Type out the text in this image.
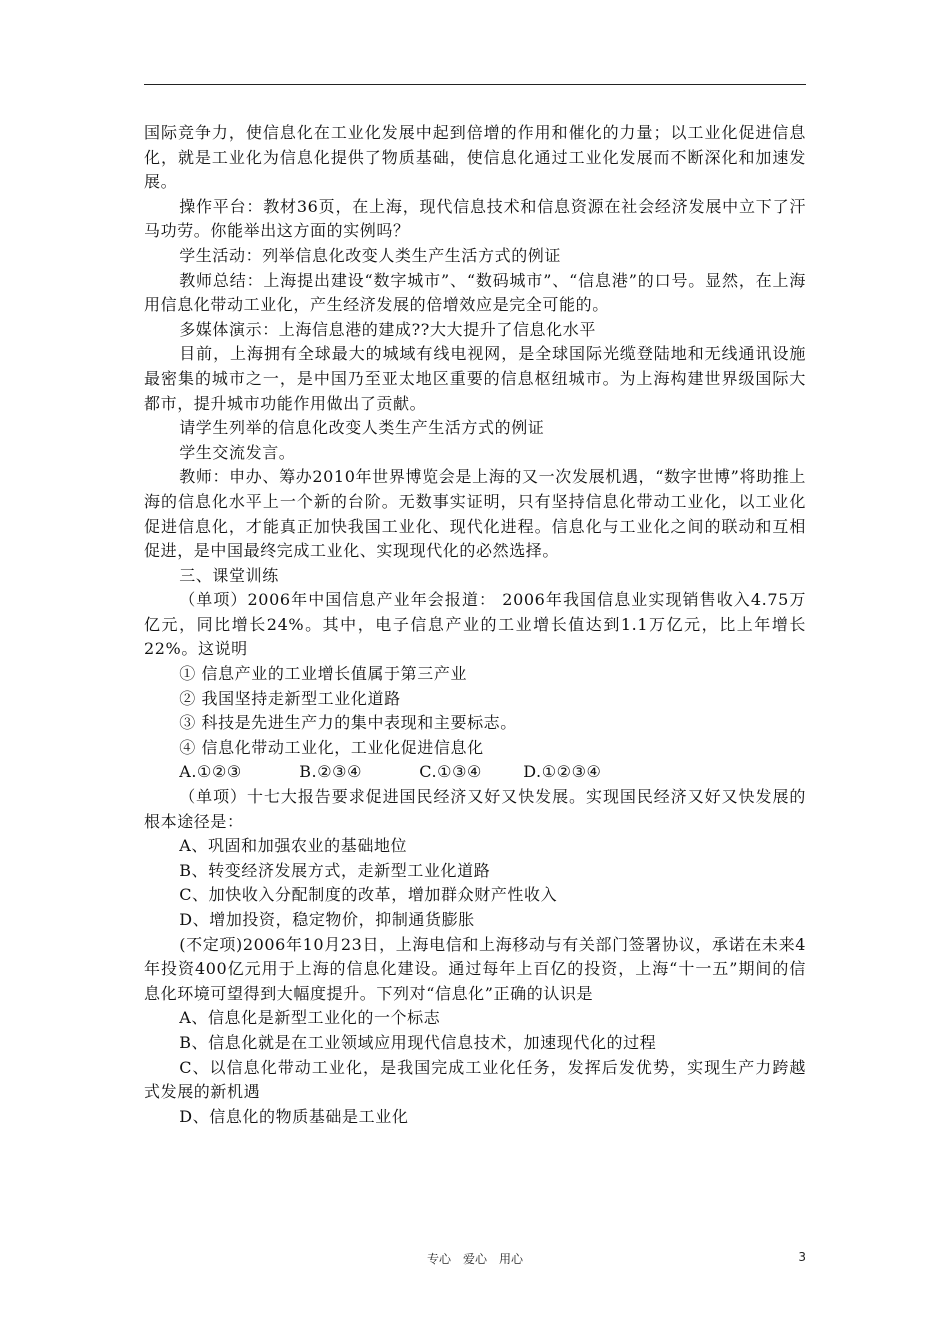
国际竞争力，使信息化在工业化发展中起到倍增的作用和催化的力量；以工业化促进信息化，就是工业化为信息化提供了物质基础，使信息化通过工业化发展而不断深化和加速发展。

操作平台：教材36页，在上海，现代信息技术和信息资源在社会经济发展中立下了汗马功劳。你能举出这方面的实例吗？

学生活动：列举信息化改变人类生产生活方式的例证

教师总结：上海提出建设“数字城市”、“数码城市”、“信息港”的口号。显然，在上海用信息化带动工业化，产生经济发展的倍增效应是完全可能的。

多媒体演示：上海信息港的建成??大大提升了信息化水平

目前，上海拥有全球最大的城域有线电视网，是全球国际光缆登陆地和无线通讯设施最密集的城市之一，是中国乃至亚太地区重要的信息枢纽城市。为上海构建世界级国际大都市，提升城市功能作用做出了贡献。

请学生列举的信息化改变人类生产生活方式的例证

学生交流发言。

教师：申办、筹办2010年世界博览会是上海的又一次发展机遇，“数字世博”将助推上海的信息化水平上一个新的台阶。无数事实证明，只有坚持信息化带动工业化，以工业化促进信息化，才能真正加快我国工业化、现代化进程。信息化与工业化之间的联动和互相促进，是中国最终完成工业化、实现现代化的必然选择。

三、课堂训练

（单项）2006年中国信息产业年会报道： 2006年我国信息业实现销售收入4.75万亿元，同比增长24%。其中，电子信息产业的工业增长值达到1.1万亿元，比上年增长22%。这说明

① 信息产业的工业增长值属于第三产业

② 我国坚持走新型工业化道路

③ 科技是先进生产力的集中表现和主要标志。

④ 信息化带动工业化，工业化促进信息化

A.①②③	B.②③④	C.①③④	D.①②③④

（单项）十七大报告要求促进国民经济又好又快发展。实现国民经济又好又快发展的根本途径是：

A、巩固和加强农业的基础地位

B、转变经济发展方式，走新型工业化道路

C、加快收入分配制度的改革，增加群众财产性收入

D、增加投资，稳定物价，抑制通货膨胀

(不定项)2006年10月23日，上海电信和上海移动与有关部门签署协议，承诺在未来4年投资400亿元用于上海的信息化建设。通过每年上百亿的投资，上海“十一五”期间的信息化环境可望得到大幅度提升。下列对“信息化”正确的认识是

A、信息化是新型工业化的一个标志

B、信息化就是在工业领域应用现代信息技术，加速现代化的过程

C、以信息化带动工业化，是我国完成工业化任务，发挥后发优势，实现生产力跨越式发展的新机遇

D、信息化的物质基础是工业化

专心　爱心　用心	3
